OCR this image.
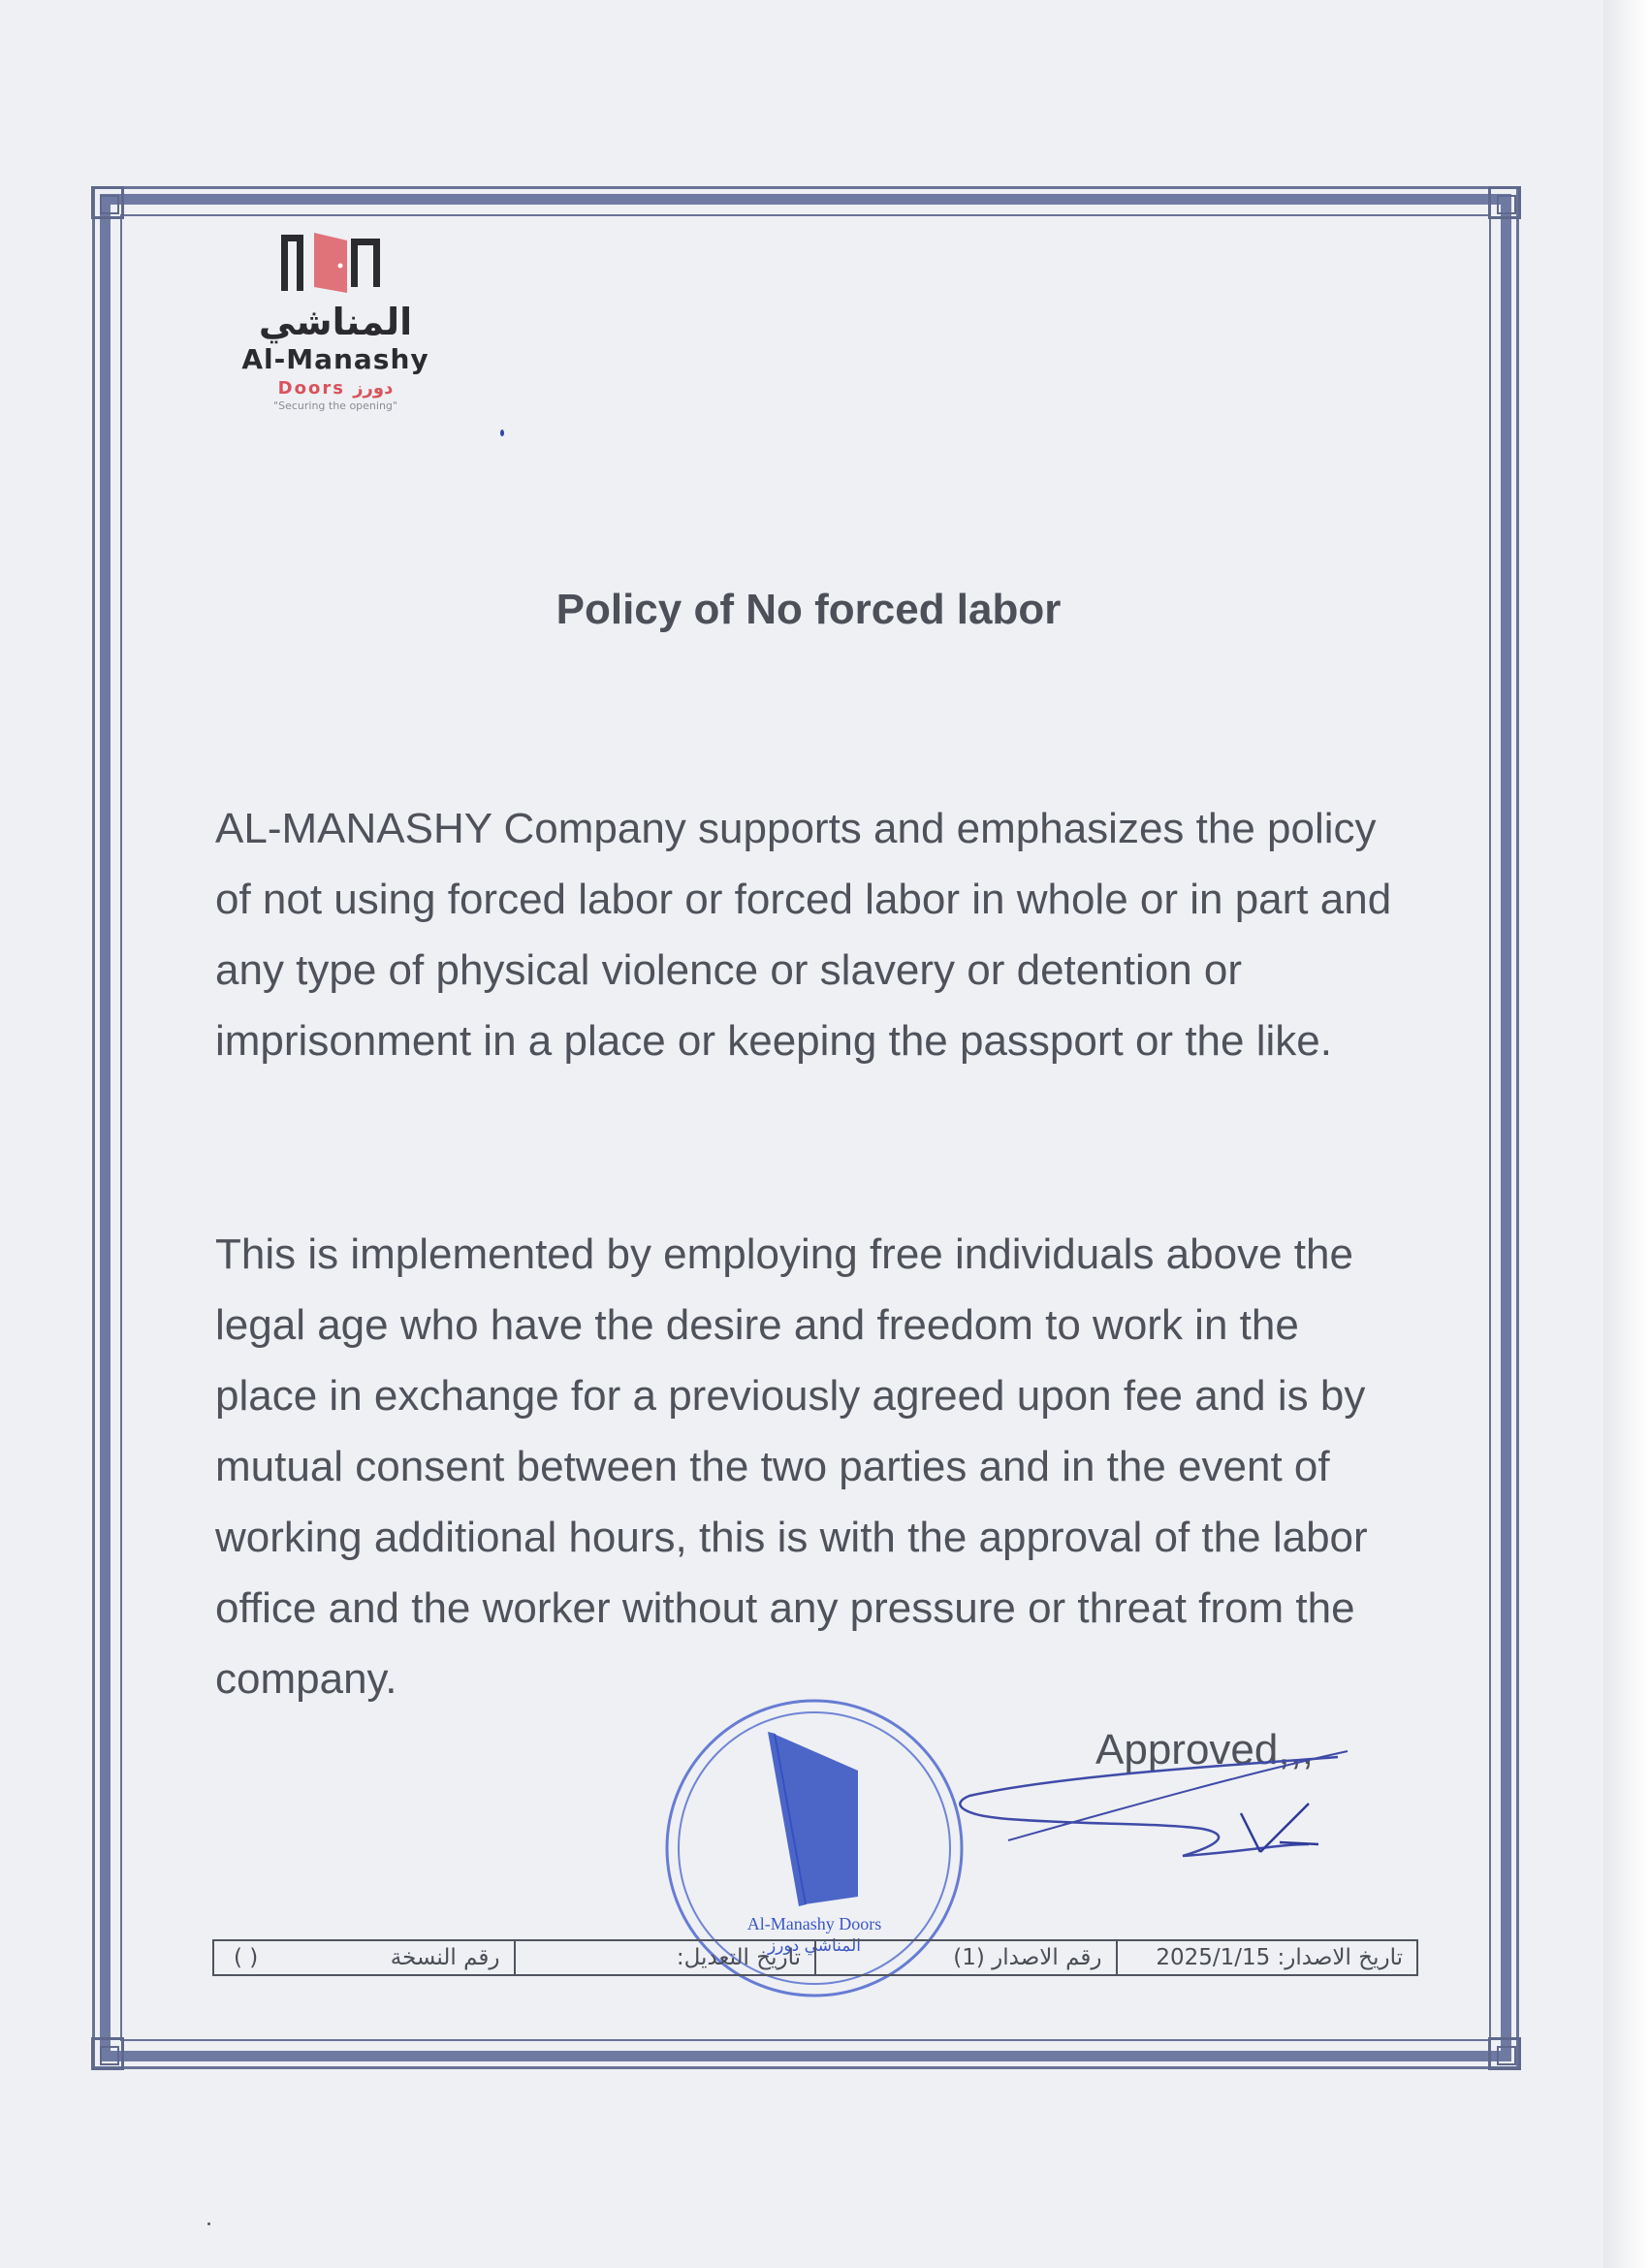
المناشي
Al-Manashy
Doors دورز
"Securing the opening"
Policy of No forced labor

AL-MANASHY Company supports and emphasizes the policy of not using forced labor or forced labor in whole or in part and any type of physical violence or slavery or detention or imprisonment in a place or keeping the passport or the like.

This is implemented by employing free individuals above the legal age who have the desire and freedom to work in the place in exchange for a previously agreed upon fee and is by mutual consent between the two parties and in the event of working additional hours, this is with the approval of the labor office and the worker without any pressure or threat from the company.

Approved,,,
Al-Manashy Doors
المناشي دورز	تاريخ الاصدار: 2025/1/15
رقم الاصدار (1)
تاريخ التعديل:
رقم النسخة
( )
